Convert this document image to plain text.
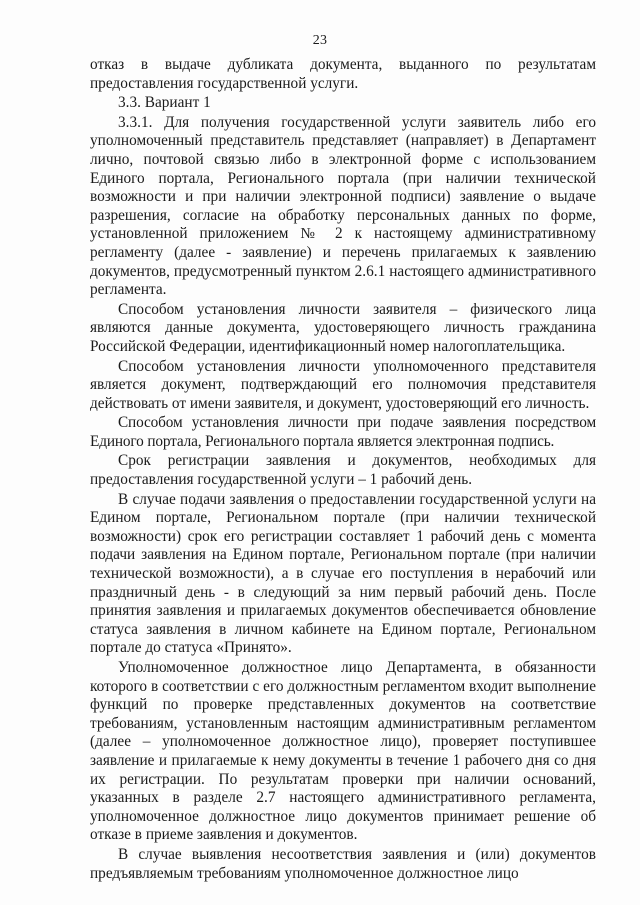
23

отказ в выдаче дубликата документа, выданного по результатам предоставления государственной услуги.

3.3. Вариант 1

3.3.1. Для получения государственной услуги заявитель либо его уполномоченный представитель представляет (направляет) в Департамент лично, почтовой связью либо в электронной форме с использованием Единого портала, Регионального портала (при наличии технической возможности и при наличии электронной подписи) заявление о выдаче разрешения, согласие на обработку персональных данных по форме, установленной приложением № 2 к настоящему административному регламенту (далее - заявление) и перечень прилагаемых к заявлению документов, предусмотренный пунктом 2.6.1 настоящего административного регламента.

Способом установления личности заявителя – физического лица являются данные документа, удостоверяющего личность гражданина Российской Федерации, идентификационный номер налогоплательщика.

Способом установления личности уполномоченного представителя является документ, подтверждающий его полномочия представителя действовать от имени заявителя, и документ, удостоверяющий его личность.

Способом установления личности при подаче заявления посредством Единого портала, Регионального портала является электронная подпись.

Срок регистрации заявления и документов, необходимых для предоставления государственной услуги – 1 рабочий день.

В случае подачи заявления о предоставлении государственной услуги на Едином портале, Региональном портале (при наличии технической возможности) срок его регистрации составляет 1 рабочий день с момента подачи заявления на Едином портале, Региональном портале (при наличии технической возможности), а в случае его поступления в нерабочий или праздничный день - в следующий за ним первый рабочий день. После принятия заявления и прилагаемых документов обеспечивается обновление статуса заявления в личном кабинете на Едином портале, Региональном портале до статуса «Принято».

Уполномоченное должностное лицо Департамента, в обязанности которого в соответствии с его должностным регламентом входит выполнение функций по проверке представленных документов на соответствие требованиям, установленным настоящим административным регламентом (далее – уполномоченное должностное лицо), проверяет поступившее заявление и прилагаемые к нему документы в течение 1 рабочего дня со дня их регистрации. По результатам проверки при наличии оснований, указанных в разделе 2.7 настоящего административного регламента, уполномоченное должностное лицо документов принимает решение об отказе в приеме заявления и документов.

В случае выявления несоответствия заявления и (или) документов предъявляемым требованиям уполномоченное должностное лицо
